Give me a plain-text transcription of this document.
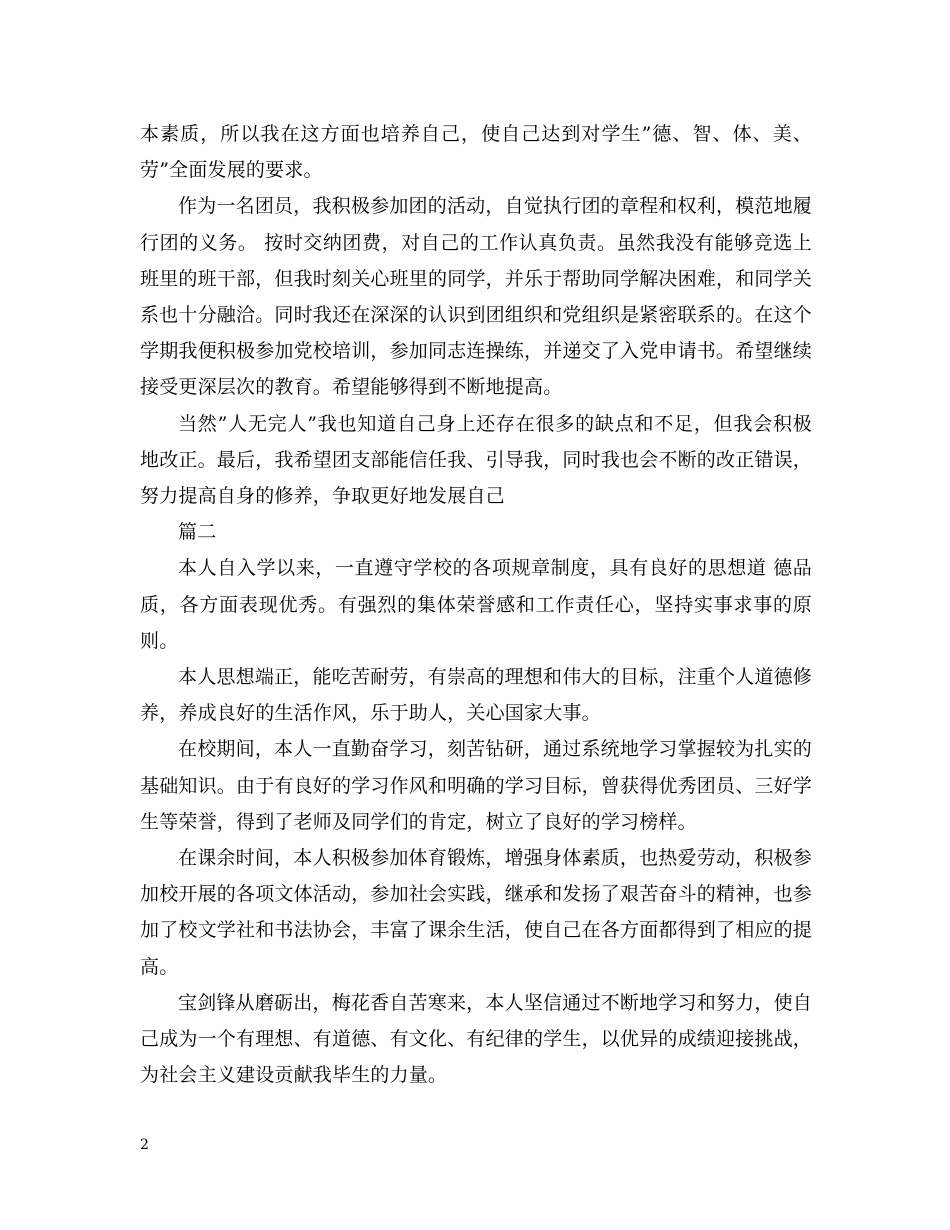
本素质，所以我在这方面也培养自己，使自己达到对学生”德、智、体、美、劳”全面发展的要求。

作为一名团员，我积极参加团的活动，自觉执行团的章程和权利，模范地履行团的义务。 按时交纳团费，对自己的工作认真负责。虽然我没有能够竞选上班里的班干部，但我时刻关心班里的同学，并乐于帮助同学解决困难，和同学关系也十分融洽。同时我还在深深的认识到团组织和党组织是紧密联系的。在这个学期我便积极参加党校培训，参加同志连操练，并递交了入党申请书。希望继续接受更深层次的教育。希望能够得到不断地提高。

当然”人无完人”我也知道自己身上还存在很多的缺点和不足，但我会积极地改正。最后，我希望团支部能信任我、引导我，同时我也会不断的改正错误，努力提高自身的修养，争取更好地发展自己

篇二

本人自入学以来，一直遵守学校的各项规章制度，具有良好的思想道 德品质，各方面表现优秀。有强烈的集体荣誉感和工作责任心，坚持实事求事的原则。

本人思想端正，能吃苦耐劳，有崇高的理想和伟大的目标，注重个人道德修养，养成良好的生活作风，乐于助人，关心国家大事。

在校期间，本人一直勤奋学习，刻苦钻研，通过系统地学习掌握较为扎实的基础知识。由于有良好的学习作风和明确的学习目标，曾获得优秀团员、三好学生等荣誉，得到了老师及同学们的肯定，树立了良好的学习榜样。

在课余时间，本人积极参加体育锻炼，增强身体素质，也热爱劳动，积极参加校开展的各项文体活动，参加社会实践，继承和发扬了艰苦奋斗的精神，也参加了校文学社和书法协会，丰富了课余生活，使自己在各方面都得到了相应的提高。

宝剑锋从磨砺出，梅花香自苦寒来，本人坚信通过不断地学习和努力，使自己成为一个有理想、有道德、有文化、有纪律的学生，以优异的成绩迎接挑战，为社会主义建设贡献我毕生的力量。

2
